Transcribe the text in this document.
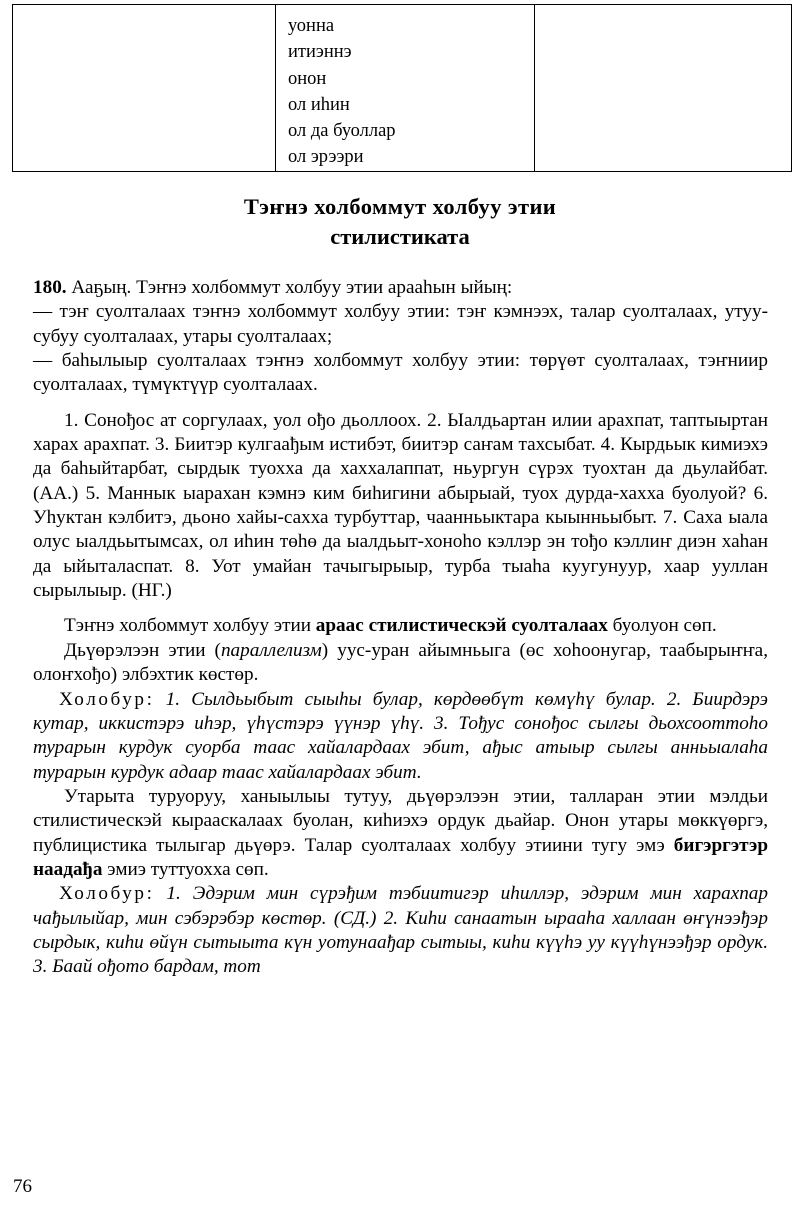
уонна
итиэннэ
онон
ол иһин
ол да буоллар
ол эрээри

Тэҥнэ холбоммут холбуу этии
стилистиката

180. Ааҕың. Тэҥнэ холбоммут холбуу этии арааһын ыйың:

— тэҥ суолталаах тэҥнэ холбоммут холбуу этии: тэҥ кэмнээх, талар суолталаах, утуу-субуу суолталаах, утары суолталаах;

— баһылыыр суолталаах тэҥнэ холбоммут холбуу этии: төрүөт суолталаах, тэҥниир суолталаах, түмүктүүр суолталаах.

1. Сонођос ат соргулаах, уол ођо дьоллоох. 2. Ыалдьартан илии арахпат, таптыыртан харах арахпат. 3. Биитэр кулгаађым истибэт, биитэр саҥам тахсыбат. 4. Кырдьык кимиэхэ да баһыйтарбат, сырдык туохха да хаххалаппат, ньургун сүрэх туохтан да дьулайбат. (АА.) 5. Маннык ыарахан кэмнэ ким биһигини абырыай, туох дурда-хахха буолуой? 6. Уһуктан кэлбитэ, дьоно хайы-сахха турбуттар, чаанньыктара кыынньыбыт. 7. Саха ыала олус ыалдьытымсах, ол иһин төһө да ыалдьыт-хоноһо кэллэр эн тођо кэллиҥ диэн хаһан да ыйыталаспат. 8. Уот умайан тачыгырыыр, турба тыаһа куугунуур, хаар ууллан сырылыыр. (НГ.)

Тэҥнэ холбоммут холбуу этии араас стилистическэй суолталаах буолуон сөп.

Дьүөрэлээн этии (параллелизм) уус-уран айымньыга (өс хоһоонугар, таабырыҥҥа, олоҥхођо) элбэхтик көстөр.

Холобур: 1. Сылдьыбыт сыыһы булар, көрдөөбүт көмүһү булар. 2. Биирдэрэ кутар, иккистэрэ иһэр, үһүстэрэ үүнэр үһү. 3. Тођус сонођос сылгы дьохсооттоһо турарын курдук суорба таас хайалардаах эбит, ађыс атыыр сылгы анньыалаһа турарын курдук адаар таас хайалардаах эбит.

Утарыта туруоруу, ханыылыы тутуу, дьүөрэлээн этии, талларан этии мэлдьи стилистическэй кырааскалаах буолан, киһиэхэ ордук дьайар. Онон утары мөккүөргэ, публицистика тылыгар дьүөрэ. Талар суолталаах холбуу этиини тугу эмэ бигэргэтэр наадађа эмиэ туттуохха сөп.

Холобур: 1. Эдэрим мин сүрэђим тэбиитигэр иһиллэр, эдэрим мин харахпар чађылыйар, мин сэбэрэбэр көстөр. (СД.) 2. Киһи санаатын ырааһа халлаан өҥүнээђэр сырдык, киһи өйүн сытыыта күн уотунаађар сытыы, киһи күүһэ уу күүһүнээђэр ордук. 3. Баай ођото бардам, тот

76
